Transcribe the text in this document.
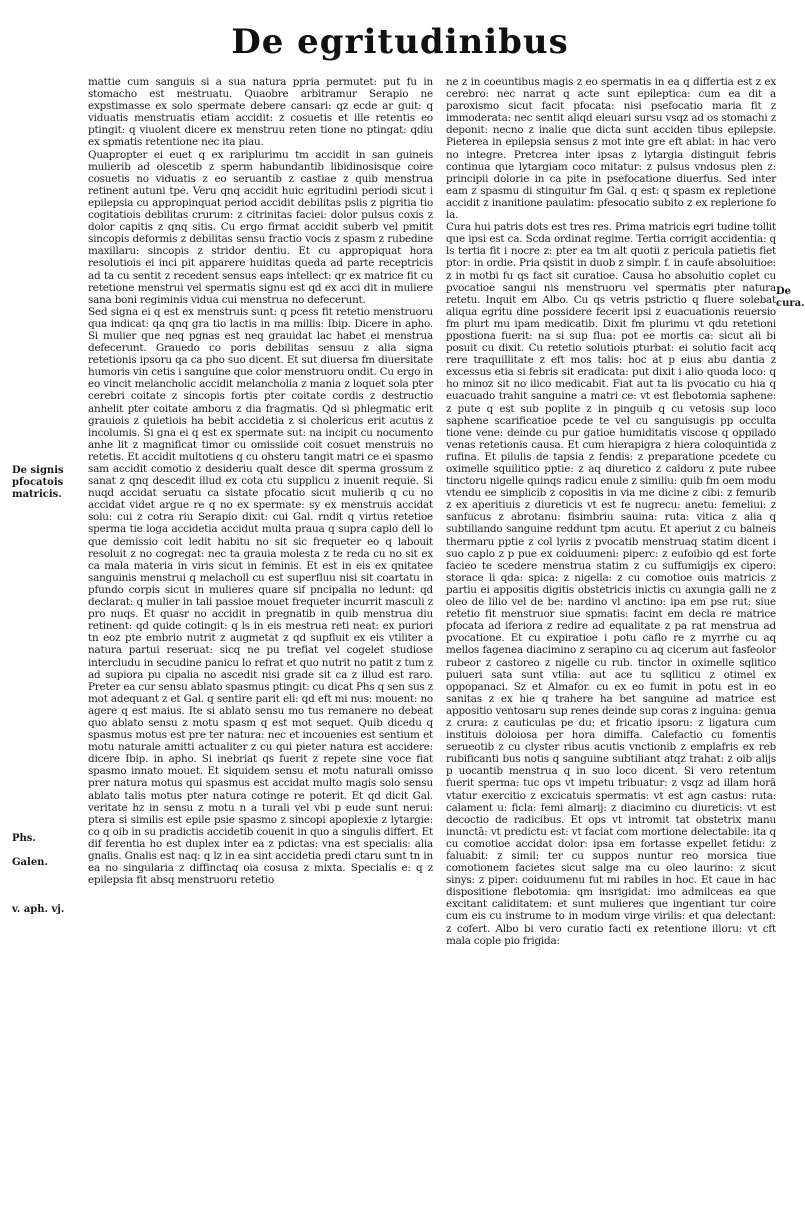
De egritudinibus
De signis
pfocatois
matricis.
Phs.
Galen.
v. aph. vj.
De cura.

mattie cum sanguis si a sua natura ppria permutet: put fu in stomacho est mestruatu. Quaobre arbitramur Serapio ne expstimasse ex solo spermate debere cansari: qz ecde ar guit: q viduatis menstruatis etiam accidit: z cosuetis et ille retentis eo ptingit: q viuolent dicere ex menstruu reten tione no ptingat: qdiu ex spmatis retentione nec ita piau.

Quapropter ei euet q ex rariplurimu tm accidit in san guineis mulierib ad olescetib z sperm habundantib libidinosisque coire cosuetis no viduatis z eo seruantib z castiae z quib menstrua retinent autuni tpe. Veru qnq accidit huic egritudini periodi sicut i epilepsia cu appropinquat period accidit debilitas pslis z pigritia tio cogitatiois debilitas crurum: z citrinitas faciei: dolor pulsus coxis z dolor capitis z qnq sitis. Cu ergo firmat accidit suberb vel pmitit sincopis deformis z debilitas sensu fractio vocis z spasm z rubedine maxillaru: sincopis z stridor dentiu. Et cu appropiquat hora resolutiois ei inci pit apparere huiditas queda ad parte receptricis ad ta cu sentit z recedent sensus eaps intellect: qr ex matrice fit cu retetione menstrui vel spermatis signu est qd ex acci dit in muliere sana boni regiminis vidua cui menstrua no defecerunt.

Sed signa ei q est ex menstruis sunt: q pcess fit retetio menstruoru qua indicat: qa qnq gra tio lactis in ma millis: Ibip. Dicere in apho. Si mulier que neq pgnas est neq grauidat lac habet ei menstrua defecerunt. Grauedo co poris debilitas sensuu z alia signa retetionis ipsoru qa ca pho suo dicent. Et sut diuersa fm diuersitate humoris vin cetis i sanguine que color menstruoru ondit. Cu ergo in eo vincit melancholic accidit melancholia z mania z loquet sola pter cerebri coitate z sincopis fortis pter coitate cordis z destructio anhelit pter coitate amboru z dia fragmatis. Qd si phlegmatic erit grauiois z quietiois ha bebit accidetia z si cholericus erit acutus z incolumis. Si gna ei q est ex spermate sut: na incipit cu nocumento anhe lit z magnificat timor cu omissiide coit cosuet menstruis no retetis. Et accidit multotiens q cu ohsteru tangit matri ce ei spasmo sam accidit comotio z desideriu qualt desce dit sperma grossum z sanat z qnq descedit illud ex cota ctu supplicu z inuenit requie. Si nuqd accidat seruatu ca sistate pfocatio sicut mulierib q cu no accidat videt argue re q no ex spermate: sy ex menstruis accidat solu: cui z cotra riu Serapio dixit: cui Gal. rndit q virtus retetioe sperma tie loga accidetia accidut multa praua q supra caplo dell lo que demissio coit ledit habitu no sit sic frequeter eo q labouit resoluit z no cogregat: nec ta grauia molesta z te reda cu no sit ex ca mala materia in viris sicut in feminis. Et est in eis ex qnitatee sanguinis menstrui q melacholl cu est superfluu nisi sit coartatu in pfundo corpis sicut in mulieres quare sif pncipalia no ledunt: qd declarat: q mulier in tali passioe mouet frequeter incurrit masculi z pro nuqs. Et quasr no accidit in pregnatib in quib menstrua diu retinent: qd quide cotingit: q ls in eis mestrua reti neat: ex puriori tn eoz pte embrio nutrit z augmetat z qd supfluit ex eis vtiliter a natura partui reseruat: sicq ne pu trefiat vel cogelet studiose intercludu in secudine panicu lo refrat et quo nutrit no patit z tum z ad supiora pu cipalia no ascedit nisi grade sit ca z illud est raro. Preter ea cur sensu ablato spasmus ptingit: cu dicat Phs q sen sus z mot adequant z et Gal. q sentire parit eli: qd eft mi nus: mouent: no agere q est maius. Ite si ablato sensu mo tus remanere no debeat quo ablato sensu z motu spasm q est mot sequet. Quib dicedu q spasmus motus est pre ter natura: nec et incouenies est sentium et motu naturale amitti actualiter z cu qui pieter natura est accidere: dicere Ibip. in apho. Si inebriat qs fuerit z repete sine voce fiat spasmo innato mouet. Et siquidem sensu et motu naturali omisso prer natura motus qui spasmus est accidat multo magis solo sensu ablato talis motus pter natura cotinge re poterit. Et qd dicit Gal. veritate hz in sensu z motu n a turali vel vbi p eude sunt nerui: ptera si similis est epile psie spasmo z sincopi apoplexie z lytargie: co q oib in su pradictis accidetib couenit in quo a singulis differt. Et dif ferentia ho est duplex inter ea z pdictas: vna est specialis: alia gnalis. Gnalis est naq: q lz in ea sint accidetia predi ctaru sunt tn in ea no singularia z diffinctaq oia cosusa z mixta. Specialis e: q z epilepsia fit absq menstruoru retetio

ne z in coeuntibus magis z eo spermatis in ea q differtia est z ex cerebro: nec narrat q acte sunt epileptica: cum ea dit a paroxismo sicut facit pfocata: nisi psefocatio maria fit z immoderata: nec sentit aliqd eleuari sursu vsqz ad os stomachi z deponit: necno z inalie que dicta sunt acciden tibus epilepsie. Pieterea in epilepsia sensus z mot inte gre eft ablat: in hac vero no integre. Pretcrea inter ipsas z lytargia distinguit febris continua que lytargiam coco mitatur: z pulsus vndosus plen z: principii dolorie in ca pite in psefocatione diuerfus. Sed inter eam z spasmu di stinguitur fm Gal. q est: q spasm ex repletione accidit z inanitione paulatim: pfesocatio subito z ex replerione fo la.

Cura hui patris dots est tres res. Prima matricis egri tudine tollit que ipsi est ca. Scda ordinat regime. Tertia corrigit accidentia: q ls tertia fit i nocre z: pter ea tm alt quotii z pericula patietis fiet ptor: in ordie. Pria qsistit in duob z simplr. f. in caufe absoluitioe: z in motbi fu qs fact sit curatioe. Causa ho absoluitio coplet cu pvocatioe sangui nis menstruoru vel spermatis pter natura retetu. Inquit em Albo. Cu qs vetris pstrictio q fluere solebat aliqua egritu dine possidere fecerit ipsi z euacuationis reuersio fm plurt mu ipam medicatib. Dixit fm plurimu vt qdu retetioni ppostiona fuerit: na si sup flua: pot ee mortis ca: sicut ali bi posuit cu dixit. Cu retetio solutiois pturbat: ei solutio facit acq rere traquillitate z eft mos talis: hoc at p eius abu dantia z excessus etia si febris sit eradicata: put dixit i alio quoda loco: q ho minoz sit no ilico medicabit. Fiat aut ta lis pvocatio cu hia q euacuado trahit sanguine a matri ce: vt est flebotomia saphene: z pute q est sub poplite z in pinguib q cu vetosis sup loco saphene scarificatioe pcede te vel cu sanguisugis pp occulta tione vene: deinde cu pur gatioe humiditatis viscose q oppilado venas retetionis causa. Et cum hierapigra z hiera coloquintida z rufina. Et pilulis de tapsia z fendis: z preparatione pcedete cu oximelle squilitico pptie: z aq diuretico z caldoru z pute rubee tinctoru nigelle quinqs radicu enule z similiu: quib fm oem modu vtendu ee simplicib z copositis in via me dicine z cibi: z femurib z ex aperitiuis z diureticis vt est fe nugrecu: anetu: femeliui: z sanfucus z abrotanu: fisimbriu sauina: ruta: vitica z alia q subtiliando sanguine reddunt tpm acutu. Et aperiut z cu balneis thermaru pptie z col lyriis z pvocatib menstruaq statim dicent i suo caplo z p pue ex coiduumeni: piperc: z eufoibio qd est forte facieo te scedere menstrua statim z cu suffumigijs ex cipero: storace li qda: spica: z nigella: z cu comotioe ouis matricis z partiu ei appositis digitis obstetricis inictis cu axungia galli ne z oleo de lilio vel de be: nardino vl anctino: ipa em pse rut: siue retetio fit menstruor siue spmatis: facint em decla re matrice pfocata ad iferiora z redire ad equalitate z pa rat menstrua ad pvocatione. Et cu expiratioe i potu caflo re z myrrhe cu aq mellos fagenea diacimino z serapino cu aq cicerum aut fasfeolor rubeor z castoreo z nigelle cu rub. tinctor in oximelle sqlitico pulueri sata sunt vtilia: aut ace tu sqlliticu z otimel ex oppopanaci. Sz et Almafor. cu ex eo fumit in potu est in eo sanitas z ex hie q trahere ha bet sanguine ad matrice est appositio ventosaru sup renes deinde sup coras z inguina: genua z crura: z cauticulas pe du: et fricatio ipsoru: z ligatura cum instituis doloiosa per hora dimiffa. Calefactio cu fomentis serueotib z cu clyster ribus acutis vnctionib z emplafris ex reb rubificanti bus notis q sanguine subtiliant atqz trahat: z oib alijs p uocantib menstrua q in suo loco dicent. Si vero retentum fuerit sperma: tuc ops vt impetu tribuatur: z vsqz ad illam horā vtatur exercitio z excicatuis spermatis: vt est agn castus: ruta: calament u: ficla: femi almarij: z diacimino cu diureticis: vt est decoctio de radicibus. Et ops vt intromit tat obstetrix manu inunctā: vt predictu est: vt faciat com mortione delectabile: ita q cu comotioe accidat dolor: ipsa em fortasse expellet fetidu: z faluabit: z simil: ter cu suppos nuntur reo morsica tiue comotionem facietes sicut salge ma cu oleo laurino: z sicut sinys: z piper: coiduumenu fut mi rabiles in hoc. Et caue in hac dispositione flebotomia: qm insrigidat: imo admilceas ea que excitant caliditatem: et sunt mulieres que ingentiant tur coire cum eis cu instrume to in modum virge virilis: et qua delectant: z cofert. Albo bi vero curatio facti ex retentione illoru: vt cft mala cople pio frigida:
